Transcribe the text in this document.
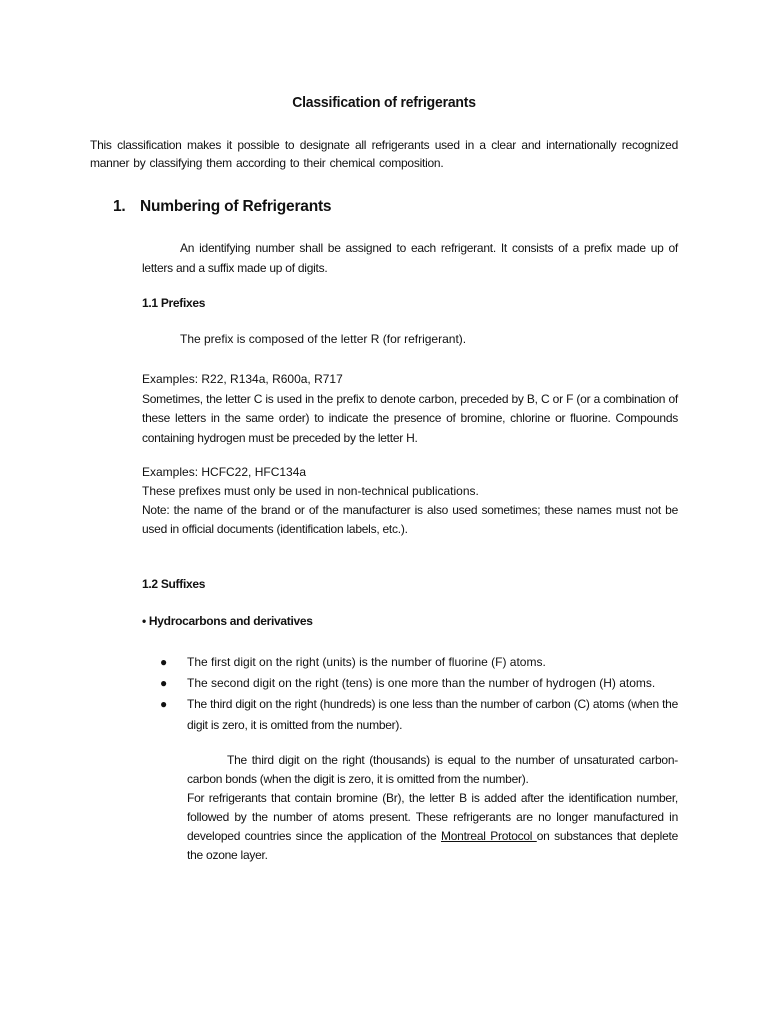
Classification of refrigerants
This classification makes it possible to designate all refrigerants used in a clear and internationally recognized manner by classifying them according to their chemical composition.
1. Numbering of Refrigerants
An identifying number shall be assigned to each refrigerant. It consists of a prefix made up of letters and a suffix made up of digits.
1.1 Prefixes
The prefix is composed of the letter R (for refrigerant).
Examples: R22, R134a, R600a, R717
Sometimes, the letter C is used in the prefix to denote carbon, preceded by B, C or F (or a combination of these letters in the same order) to indicate the presence of bromine, chlorine or fluorine. Compounds containing hydrogen must be preceded by the letter H.
Examples: HCFC22, HFC134a
These prefixes must only be used in non-technical publications.
Note: the name of the brand or of the manufacturer is also used sometimes; these names must not be used in official documents (identification labels, etc.).
1.2 Suffixes
• Hydrocarbons and derivatives
● The first digit on the right (units) is the number of fluorine (F) atoms.
● The second digit on the right (tens) is one more than the number of hydrogen (H) atoms.
● The third digit on the right (hundreds) is one less than the number of carbon (C) atoms (when the digit is zero, it is omitted from the number).
The third digit on the right (thousands) is equal to the number of unsaturated carbon-carbon bonds (when the digit is zero, it is omitted from the number).
For refrigerants that contain bromine (Br), the letter B is added after the identification number, followed by the number of atoms present. These refrigerants are no longer manufactured in developed countries since the application of the Montreal Protocol on substances that deplete the ozone layer.
